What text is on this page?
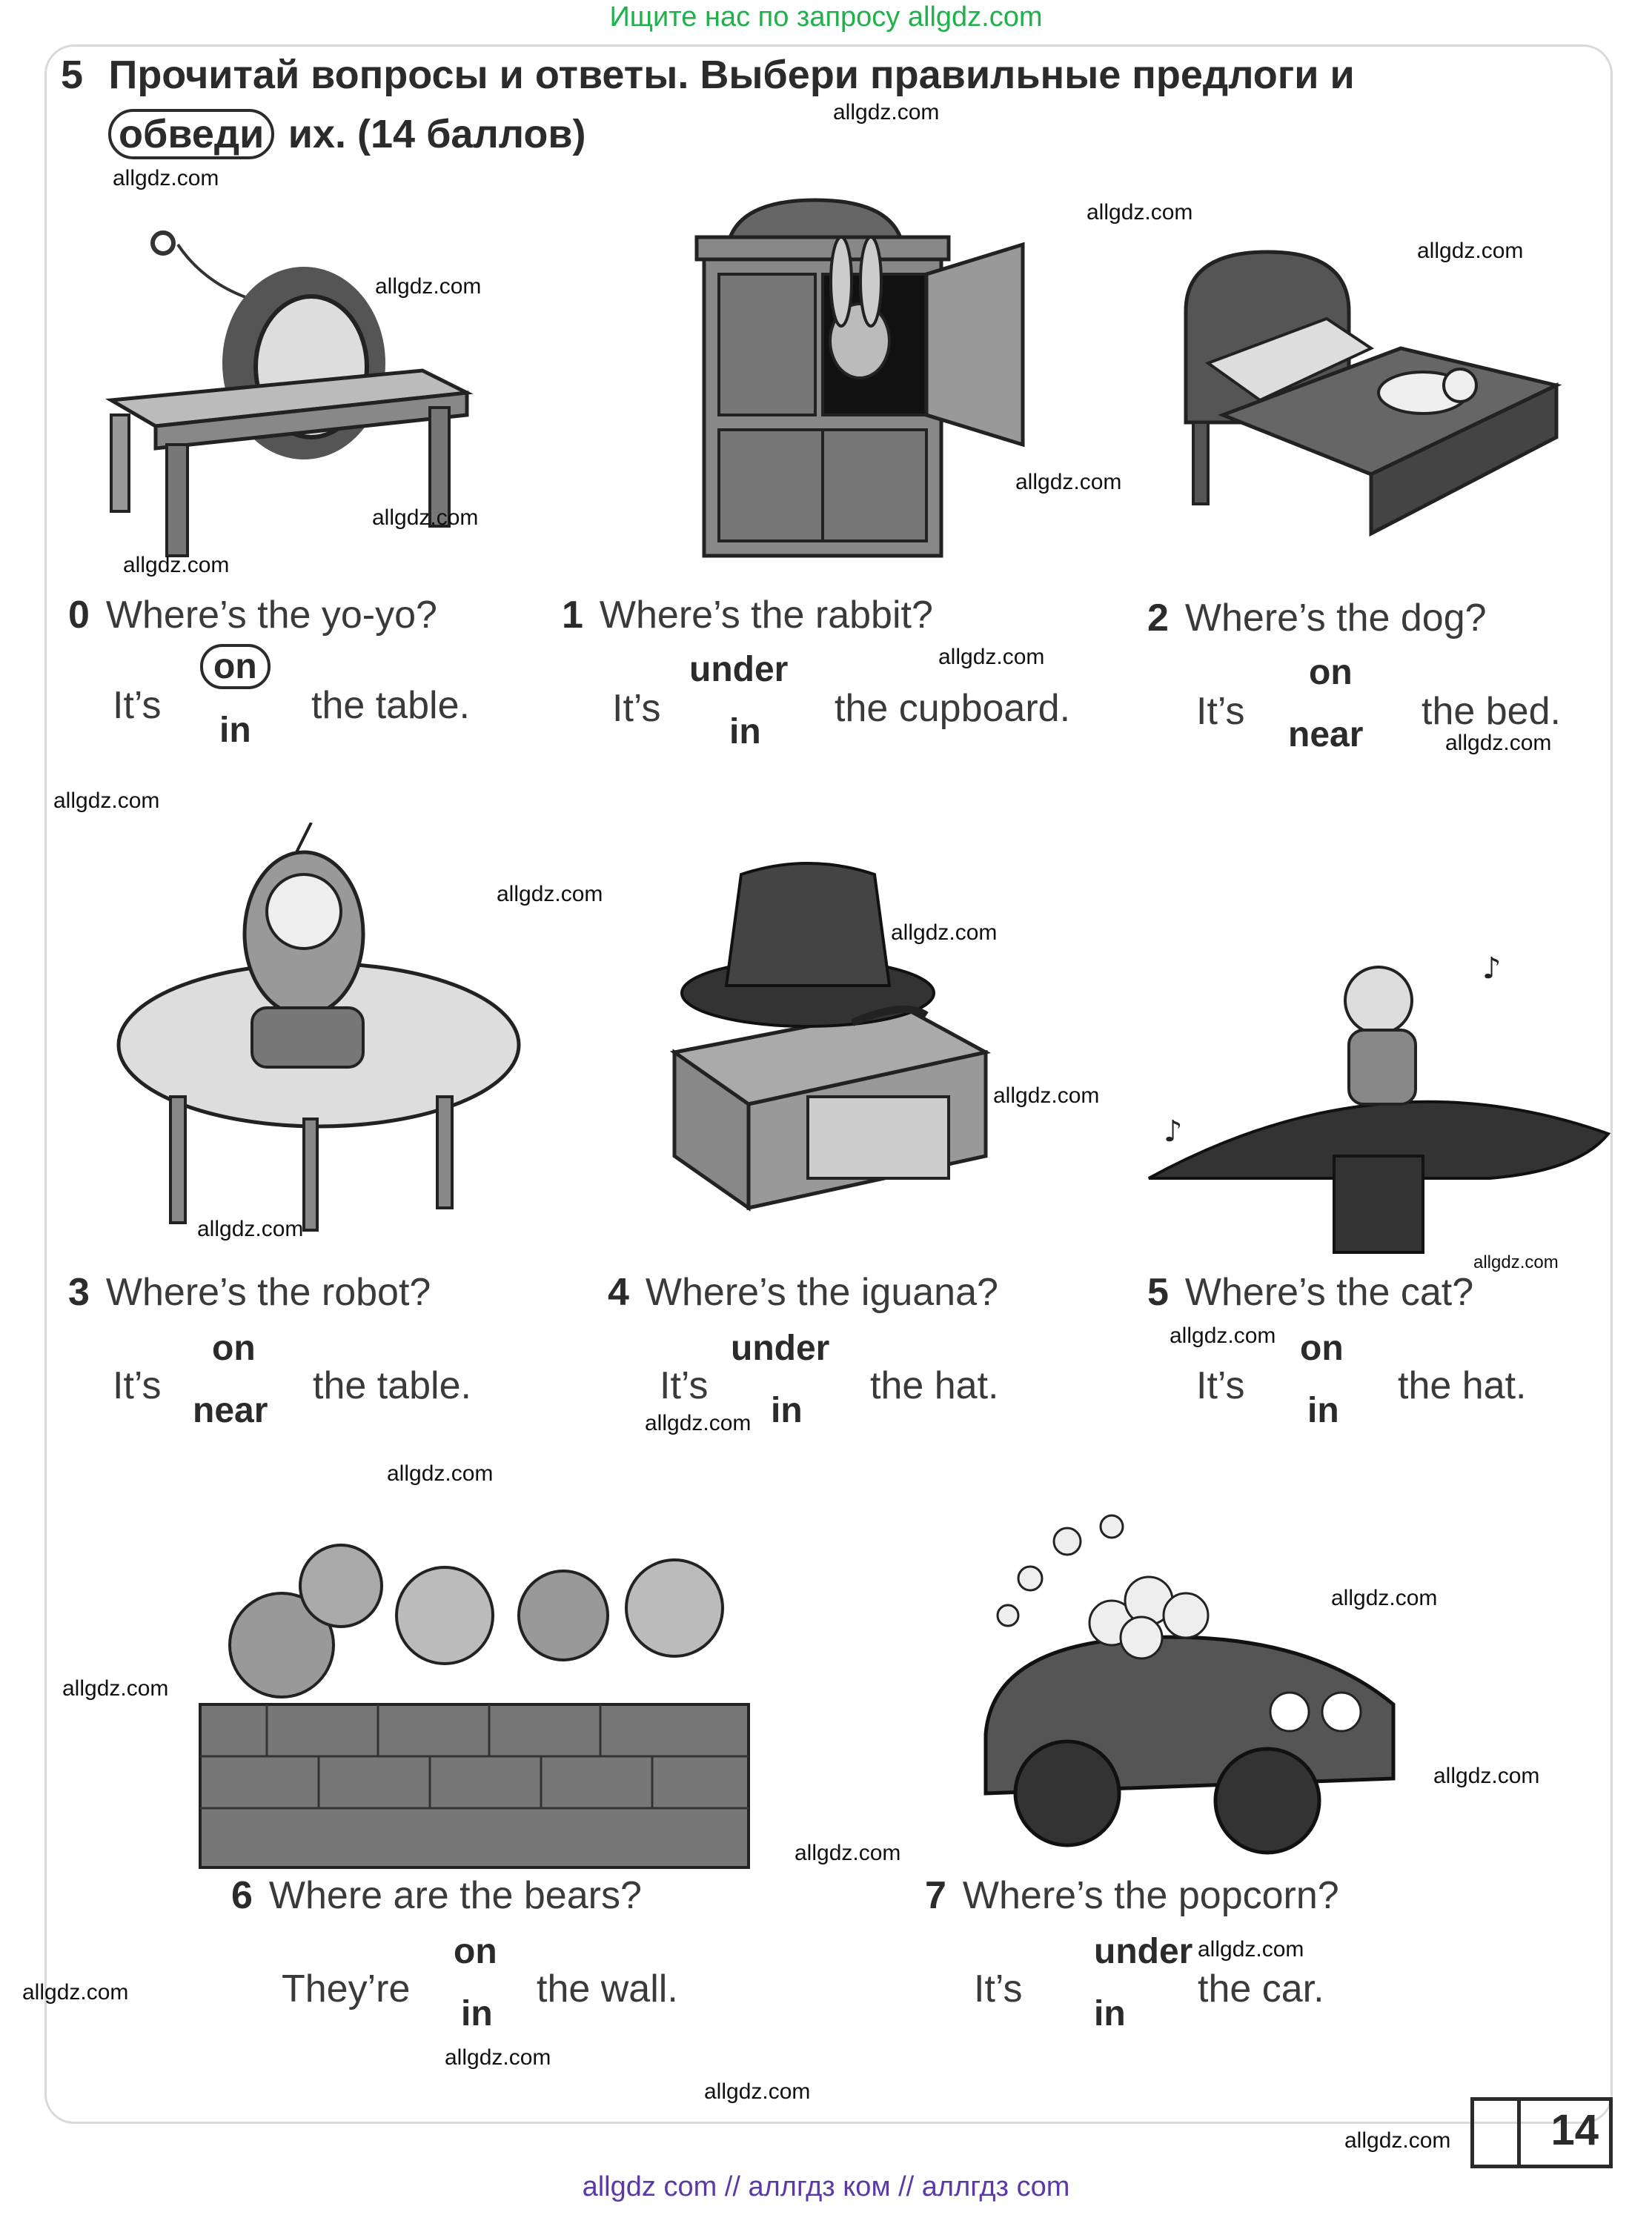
Ищите нас по запросу allgdz.com
allgdz com // аллгдз ком // аллгдз com
5 Прочитай вопросы и ответы. Выбери правильные предлоги и
обведи их. (14 баллов)
♪
♪
0 Where’s the yo-yo?
It’s
on
in
the table.
1 Where’s the rabbit?
It’s
under
in
the cupboard.
2 Where’s the dog?
It’s
on
near
the bed.
3 Where’s the robot?
It’s
on
near
the table.
4 Where’s the iguana?
It’s
under
in
the hat.
5 Where’s the cat?
It’s
on
in
the hat.
6 Where are the bears?
They’re
on
in
the wall.
7 Where’s the popcorn?
It’s
under
in
the car.
allgdz.com
allgdz.com
allgdz.com
allgdz.com
allgdz.com
allgdz.com
allgdz.com
allgdz.com
allgdz.com
allgdz.com
allgdz.com
allgdz.com
allgdz.com
allgdz.com
allgdz.com
allgdz.com
allgdz.com
allgdz.com
allgdz.com
allgdz.com
allgdz.com
allgdz.com
allgdz.com
allgdz.com
allgdz.com
allgdz.com
allgdz.com
allgdz.com 14
